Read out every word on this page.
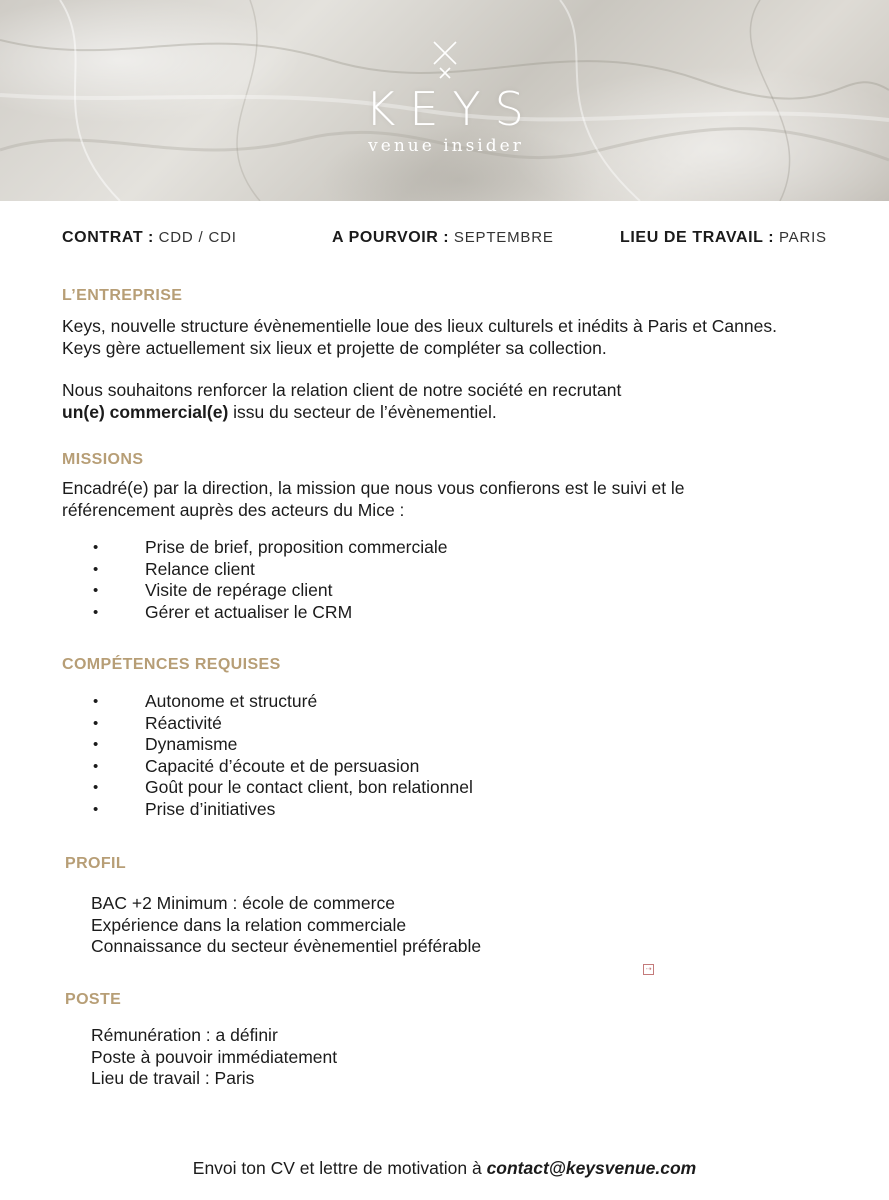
KEYS
venue insider
CONTRAT : CDD / CDI	A POURVOIR : SEPTEMBRE	LIEU DE TRAVAIL : PARIS
L’ENTREPRISE
Keys, nouvelle structure évènementielle loue des lieux culturels et inédits à Paris et Cannes.
Keys gère actuellement six lieux et projette de compléter sa collection.
Nous souhaitons renforcer la relation client de notre société en recrutant
un(e) commercial(e) issu du secteur de l’évènementiel.
MISSIONS
Encadré(e) par la direction, la mission que nous vous confierons est le suivi et le
référencement auprès des acteurs du Mice :
•	Prise de brief, proposition commerciale
•	Relance client
•	Visite de repérage client
•	Gérer et actualiser le CRM
COMPÉTENCES REQUISES
•	Autonome et structuré
•	Réactivité
•	Dynamisme
•	Capacité d’écoute et de persuasion
•	Goût pour le contact client, bon relationnel
•	Prise d’initiatives
PROFIL
BAC +2 Minimum : école de commerce
Expérience dans la relation commerciale
Connaissance du secteur évènementiel préférable
⇢
POSTE
Rémunération : a définir
Poste à pouvoir immédiatement
Lieu de travail : Paris
Envoi ton CV et lettre de motivation à contact@keysvenue.com
